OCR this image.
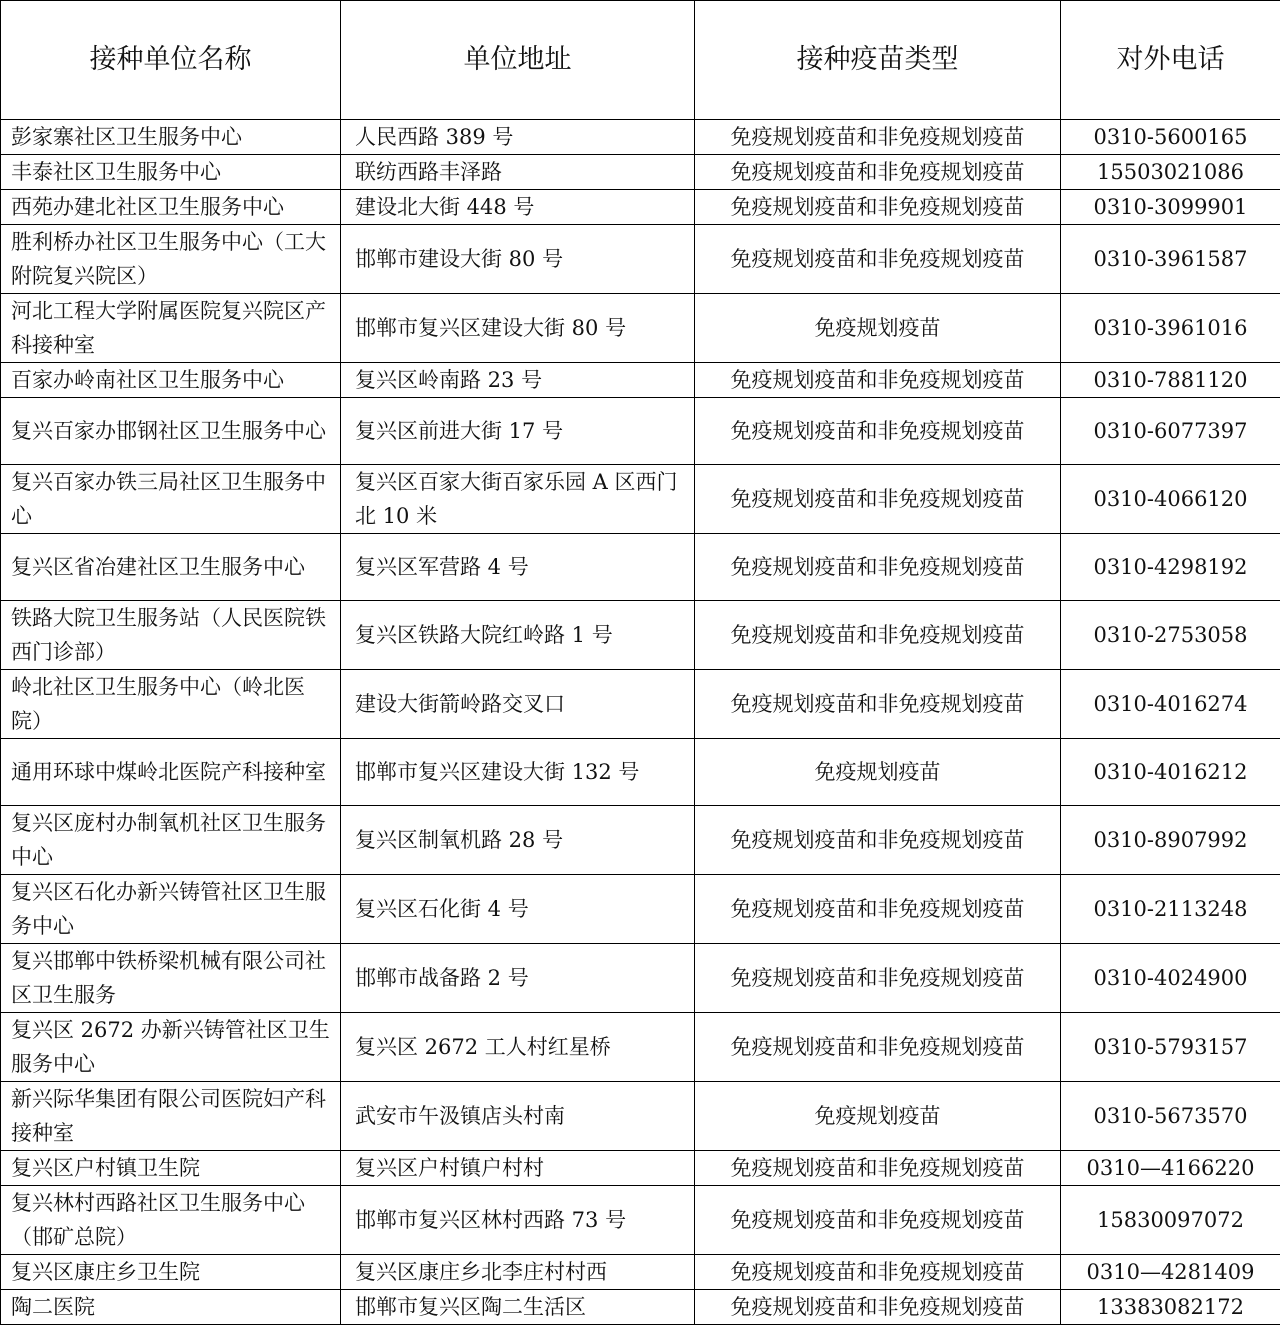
接种单位名称	单位地址	接种疫苗类型	对外电话
彭家寨社区卫生服务中心	人民西路 389 号	免疫规划疫苗和非免疫规划疫苗	0310-5600165
丰泰社区卫生服务中心	联纺西路丰泽路	免疫规划疫苗和非免疫规划疫苗	15503021086
西苑办建北社区卫生服务中心	建设北大街 448 号	免疫规划疫苗和非免疫规划疫苗	0310-3099901
胜利桥办社区卫生服务中心（工大附院复兴院区）	邯郸市建设大街 80 号	免疫规划疫苗和非免疫规划疫苗	0310-3961587
河北工程大学附属医院复兴院区产科接种室	邯郸市复兴区建设大街 80 号	免疫规划疫苗	0310-3961016
百家办岭南社区卫生服务中心	复兴区岭南路 23 号	免疫规划疫苗和非免疫规划疫苗	0310-7881120
复兴百家办邯钢社区卫生服务中心	复兴区前进大街 17 号	免疫规划疫苗和非免疫规划疫苗	0310-6077397
复兴百家办铁三局社区卫生服务中心	复兴区百家大街百家乐园 A 区西门北 10 米	免疫规划疫苗和非免疫规划疫苗	0310-4066120
复兴区省冶建社区卫生服务中心	复兴区军营路 4 号	免疫规划疫苗和非免疫规划疫苗	0310-4298192
铁路大院卫生服务站（人民医院铁西门诊部）	复兴区铁路大院红岭路 1 号	免疫规划疫苗和非免疫规划疫苗	0310-2753058
岭北社区卫生服务中心（岭北医院）	建设大街箭岭路交叉口	免疫规划疫苗和非免疫规划疫苗	0310-4016274
通用环球中煤岭北医院产科接种室	邯郸市复兴区建设大街 132 号	免疫规划疫苗	0310-4016212
复兴区庞村办制氧机社区卫生服务中心	复兴区制氧机路 28 号	免疫规划疫苗和非免疫规划疫苗	0310-8907992
复兴区石化办新兴铸管社区卫生服务中心	复兴区石化街 4 号	免疫规划疫苗和非免疫规划疫苗	0310-2113248
复兴邯郸中铁桥梁机械有限公司社区卫生服务	邯郸市战备路 2 号	免疫规划疫苗和非免疫规划疫苗	0310-4024900
复兴区 2672 办新兴铸管社区卫生服务中心	复兴区 2672 工人村红星桥	免疫规划疫苗和非免疫规划疫苗	0310-5793157
新兴际华集团有限公司医院妇产科接种室	武安市午汲镇店头村南	免疫规划疫苗	0310-5673570
复兴区户村镇卫生院	复兴区户村镇户村村	免疫规划疫苗和非免疫规划疫苗	0310—4166220
复兴林村西路社区卫生服务中心（邯矿总院）	邯郸市复兴区林村西路 73 号	免疫规划疫苗和非免疫规划疫苗	15830097072
复兴区康庄乡卫生院	复兴区康庄乡北李庄村村西	免疫规划疫苗和非免疫规划疫苗	0310—4281409
陶二医院	邯郸市复兴区陶二生活区	免疫规划疫苗和非免疫规划疫苗	13383082172
